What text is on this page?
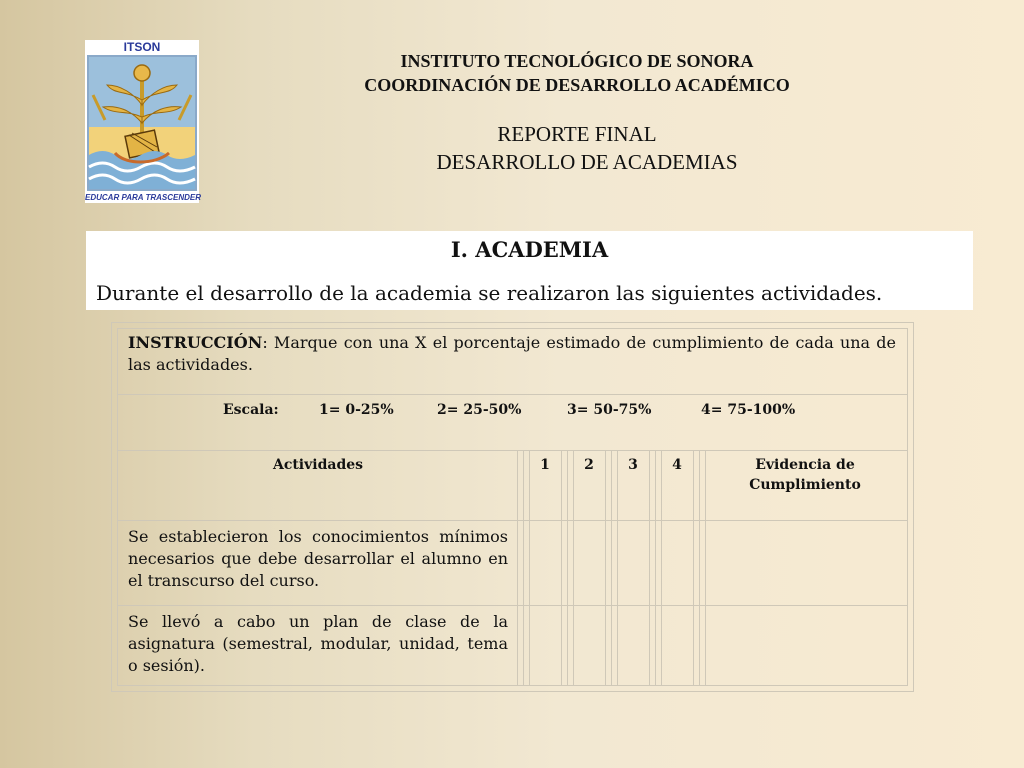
ITSON
EDUCAR PARA TRASCENDER
INSTITUTO TECNOLÓGICO DE SONORA
COORDINACIÓN DE DESARROLLO ACADÉMICO
REPORTE FINAL
DESARROLLO DE ACADEMIAS
I. ACADEMIA
Durante el desarrollo de la academia se realizaron las siguientes actividades.
INSTRUCCIÓN: Marque con una X el porcentaje estimado de cumplimiento de cada una de las actividades.
Escala:	1= 0-25%	2= 25-50%	3= 50-75%	4= 75-100%
Actividades	1	2	3	4	Evidencia de Cumplimiento
Se establecieron los conocimientos mínimos necesarios que debe desarrollar el alumno en el transcurso del curso.
Se llevó a cabo un plan de clase de la asignatura (semestral, modular, unidad, tema o sesión).
